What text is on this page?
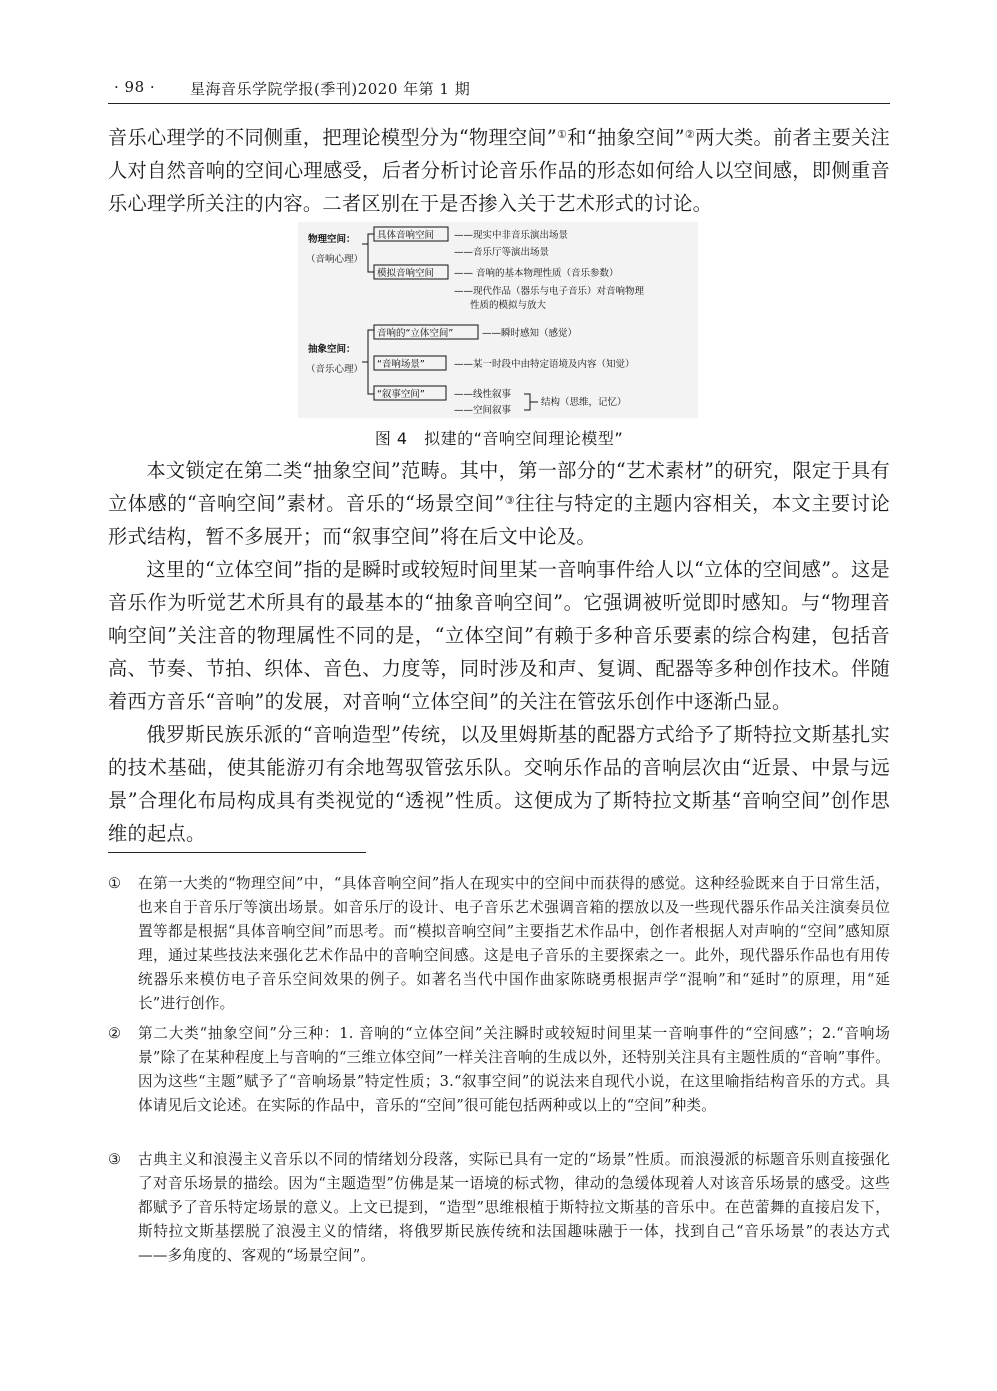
· 98 · 星海音乐学院学报(季刊)2020 年第 1 期

音乐心理学的不同侧重，把理论模型分为“物理空间”①和“抽象空间”②两大类。前者主要关注人对自然音响的空间心理感受，后者分析讨论音乐作品的形态如何给人以空间感，即侧重音乐心理学所关注的内容。二者区别在于是否掺入关于艺术形式的讨论。

物理空间：
（音响心理）
具体音响空间 ——现实中非音乐演出场景
——音乐厅等演出场景
模拟音响空间 —— 音响的基本物理性质（音乐参数）
——现代作品（器乐与电子音乐）对音响物理
性质的模拟与放大
抽象空间：
（音乐心理）
音响的“立体空间”	——瞬时感知（感觉）
“音响场景”	——某一时段中由特定语境及内容（知觉）
“叙事空间”	——线性叙事
——空间叙事
结构（思维，记忆）
图 4　拟建的“音响空间理论模型”

本文锁定在第二类“抽象空间”范畴。其中，第一部分的“艺术素材”的研究，限定于具有立体感的“音响空间”素材。音乐的“场景空间”③往往与特定的主题内容相关，本文主要讨论形式结构，暂不多展开；而“叙事空间”将在后文中论及。

这里的“立体空间”指的是瞬时或较短时间里某一音响事件给人以“立体的空间感”。这是音乐作为听觉艺术所具有的最基本的“抽象音响空间”。它强调被听觉即时感知。与“物理音响空间”关注音的物理属性不同的是，“立体空间”有赖于多种音乐要素的综合构建，包括音高、节奏、节拍、织体、音色、力度等，同时涉及和声、复调、配器等多种创作技术。伴随着西方音乐“音响”的发展，对音响“立体空间”的关注在管弦乐创作中逐渐凸显。

俄罗斯民族乐派的“音响造型”传统，以及里姆斯基的配器方式给予了斯特拉文斯基扎实的技术基础，使其能游刃有余地驾驭管弦乐队。交响乐作品的音响层次由“近景、中景与远景”合理化布局构成具有类视觉的“透视”性质。这便成为了斯特拉文斯基“音响空间”创作思维的起点。

①	在第一大类的“物理空间”中，“具体音响空间”指人在现实中的空间中而获得的感觉。这种经验既来自于日常生活，也来自于音乐厅等演出场景。如音乐厅的设计、电子音乐艺术强调音箱的摆放以及一些现代器乐作品关注演奏员位置等都是根据“具体音响空间”而思考。而“模拟音响空间”主要指艺术作品中，创作者根据人对声响的“空间”感知原理，通过某些技法来强化艺术作品中的音响空间感。这是电子音乐的主要探索之一。此外，现代器乐作品也有用传统器乐来模仿电子音乐空间效果的例子。如著名当代中国作曲家陈晓勇根据声学“混响”和“延时”的原理，用“延长”进行创作。
②	第二大类“抽象空间”分三种：1. 音响的“立体空间”关注瞬时或较短时间里某一音响事件的“空间感”；2.“音响场景”除了在某种程度上与音响的“三维立体空间”一样关注音响的生成以外，还特别关注具有主题性质的“音响”事件。因为这些“主题”赋予了“音响场景”特定性质；3.“叙事空间”的说法来自现代小说，在这里喻指结构音乐的方式。具体请见后文论述。在实际的作品中，音乐的“空间”很可能包括两种或以上的“空间”种类。
③	古典主义和浪漫主义音乐以不同的情绪划分段落，实际已具有一定的“场景”性质。而浪漫派的标题音乐则直接强化了对音乐场景的描绘。因为“主题造型”仿佛是某一语境的标式物，律动的急缓体现着人对该音乐场景的感受。这些都赋予了音乐特定场景的意义。上文已提到，“造型”思维根植于斯特拉文斯基的音乐中。在芭蕾舞的直接启发下，斯特拉文斯基摆脱了浪漫主义的情绪，将俄罗斯民族传统和法国趣味融于一体，找到自己“音乐场景”的表达方式——多角度的、客观的“场景空间”。
